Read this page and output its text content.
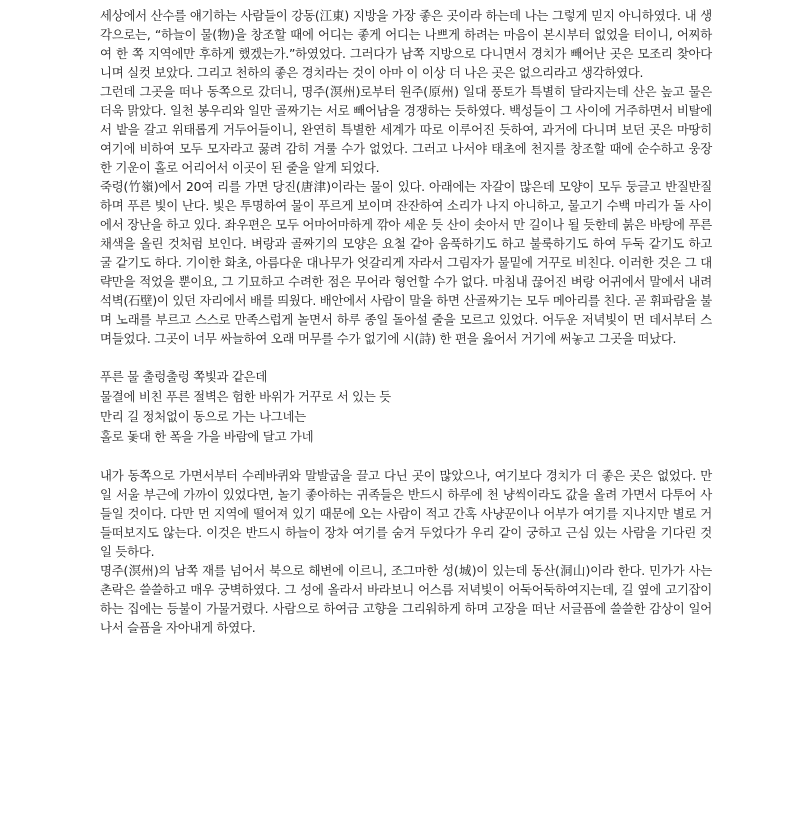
세상에서 산수를 얘기하는 사람들이 강동(江東) 지방을 가장 좋은 곳이라 하는데 나는 그렇게 믿지 아니하였다. 내 생각으로는, “하늘이 물(物)을 창조할 때에 어디는 좋게 어디는 나쁘게 하려는 마음이 본시부터 없었을 터이니, 어찌하여 한 쪽 지역에만 후하게 했겠는가.”하였었다. 그러다가 남쪽 지방으로 다니면서 경치가 빼어난 곳은 모조리 찾아다니며 실컷 보았다. 그리고 천하의 좋은 경치라는 것이 아마 이 이상 더 나은 곳은 없으리라고 생각하였다.

그런데 그곳을 떠나 동쪽으로 갔더니, 명주(溟州)로부터 원주(原州) 일대 풍토가 특별히 달라지는데 산은 높고 물은 더욱 맑았다. 일천 봉우리와 일만 골짜기는 서로 빼어남을 경쟁하는 듯하였다. 백성들이 그 사이에 거주하면서 비탈에서 밭을 갈고 위태롭게 거두어들이니, 완연히 특별한 세계가 따로 이루어진 듯하여, 과거에 다니며 보던 곳은 마땅히 여기에 비하여 모두 모자라고 꿇려 감히 겨룰 수가 없었다. 그러고 나서야 태초에 천지를 창조할 때에 순수하고 웅장한 기운이 홀로 어리어서 이곳이 된 줄을 알게 되었다.

죽령(竹嶺)에서 20여 리를 가면 당진(唐津)이라는 물이 있다. 아래에는 자갈이 많은데 모양이 모두 둥글고 반질반질하며 푸른 빛이 난다. 빛은 투명하여 물이 푸르게 보이며 잔잔하여 소리가 나지 아니하고, 물고기 수백 마리가 돌 사이에서 장난을 하고 있다. 좌우편은 모두 어마어마하게 깎아 세운 듯 산이 솟아서 만 길이나 될 듯한데 붉은 바탕에 푸른 채색을 올린 것처럼 보인다. 벼랑과 골짜기의 모양은 요철 같아 움푹하기도 하고 불룩하기도 하여 두둑 같기도 하고 굴 같기도 하다. 기이한 화초, 아름다운 대나무가 엇갈리게 자라서 그림자가 물밑에 거꾸로 비친다. 이러한 것은 그 대략만을 적었을 뿐이요, 그 기묘하고 수려한 점은 무어라 형언할 수가 없다. 마침내 끊어진 벼랑 어귀에서 말에서 내려 석벽(石壁)이 있던 자리에서 배를 띄웠다. 배안에서 사람이 말을 하면 산골짜기는 모두 메아리를 친다. 곧 휘파람을 불며 노래를 부르고 스스로 만족스럽게 놀면서 하루 종일 돌아설 줄을 모르고 있었다. 어두운 저녁빛이 먼 데서부터 스며들었다. 그곳이 너무 싸늘하여 오래 머무를 수가 없기에 시(詩) 한 편을 읊어서 거기에 써놓고 그곳을 떠났다.

푸른 물 출렁출렁 쪽빛과 같은데
물결에 비친 푸른 절벽은 험한 바위가 거꾸로 서 있는 듯
만리 길 정처없이 동으로 가는 나그네는
홀로 돛대 한 폭을 가을 바람에 달고 가네

내가 동쪽으로 가면서부터 수레바퀴와 말발굽을 끌고 다닌 곳이 많았으나, 여기보다 경치가 더 좋은 곳은 없었다. 만일 서울 부근에 가까이 있었다면, 놀기 좋아하는 귀족들은 반드시 하루에 천 냥씩이라도 값을 올려 가면서 다투어 사들일 것이다. 다만 먼 지역에 떨어져 있기 때문에 오는 사람이 적고 간혹 사냥꾼이나 어부가 여기를 지나지만 별로 거들떠보지도 않는다. 이것은 반드시 하늘이 장차 여기를 숨겨 두었다가 우리 같이 궁하고 근심 있는 사람을 기다린 것일 듯하다.

명주(溟州)의 남쪽 재를 넘어서 북으로 해변에 이르니, 조그마한 성(城)이 있는데 동산(洞山)이라 한다. 민가가 사는 촌락은 쓸쓸하고 매우 궁벽하였다. 그 성에 올라서 바라보니 어스름 저녁빛이 어둑어둑하여지는데, 길 옆에 고기잡이하는 집에는 등불이 가물거렸다. 사람으로 하여금 고향을 그리워하게 하며 고장을 떠난 서글픔에 쓸쓸한 감상이 일어나서 슬픔을 자아내게 하였다.
